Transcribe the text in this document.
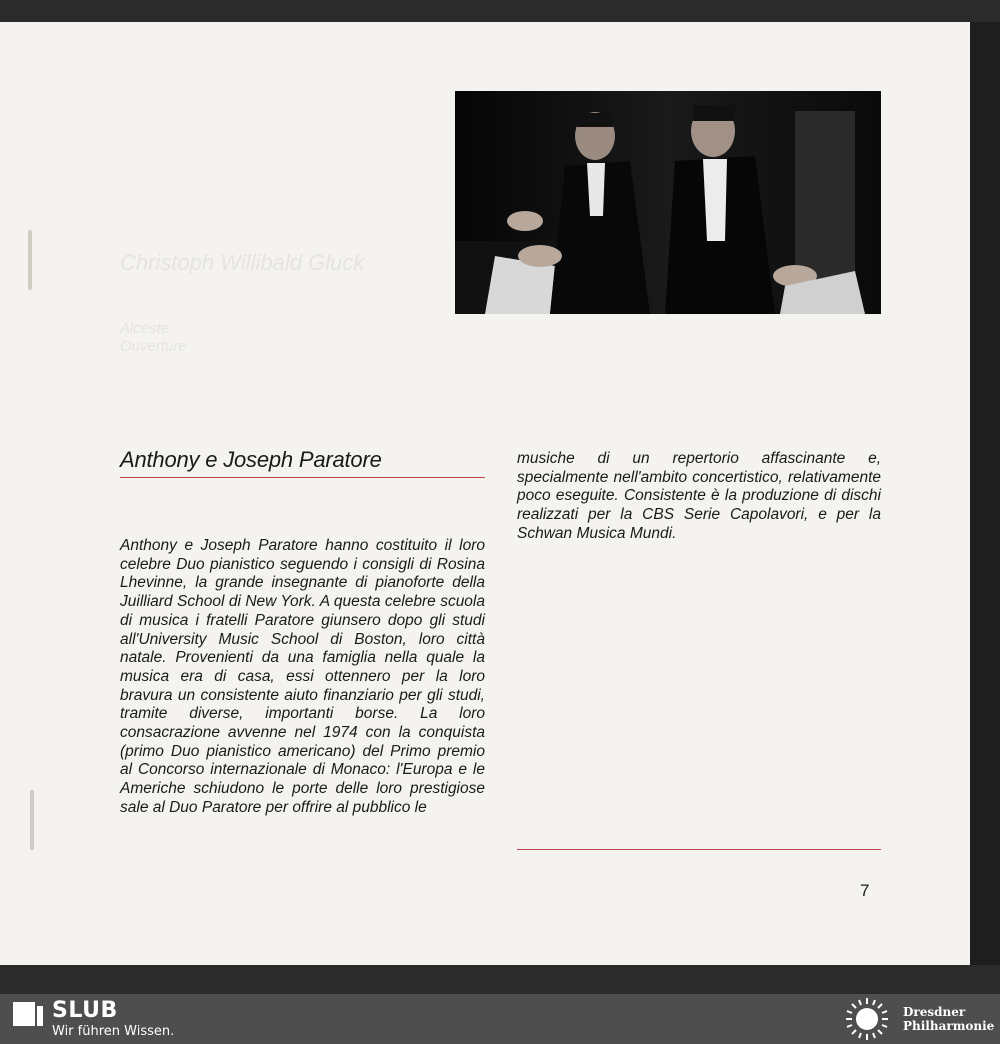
Christoph Willibald Gluck
Alceste
Ouverture
Anthony e Joseph Paratore
Anthony e Joseph Paratore hanno costituito il loro celebre Duo pianistico seguendo i consigli di Rosina Lhevinne, la grande insegnante di pianoforte della Juilliard School di New York. A questa celebre scuola di musica i fratelli Paratore giunsero dopo gli studi all'University Music School di Boston, loro città natale. Provenienti da una famiglia nella quale la musica era di casa, essi ottennero per la loro bravura un consistente aiuto finanziario per gli studi, tramite diverse, importanti borse. La loro consacrazione avvenne nel 1974 con la conquista (primo Duo pianistico americano) del Primo premio al Concorso internazionale di Monaco: l'Europa e le Americhe schiudono le porte delle loro prestigiose sale al Duo Paratore per offrire al pubblico le
musiche di un repertorio affascinante e, specialmente nell'ambito concertistico, relativamente poco eseguite. Consistente è la produzione di dischi realizzati per la CBS Serie Capolavori, e per la Schwan Musica Mundi.
7
SLUB
Wir führen Wissen.
Dresdner
Philharmonie
